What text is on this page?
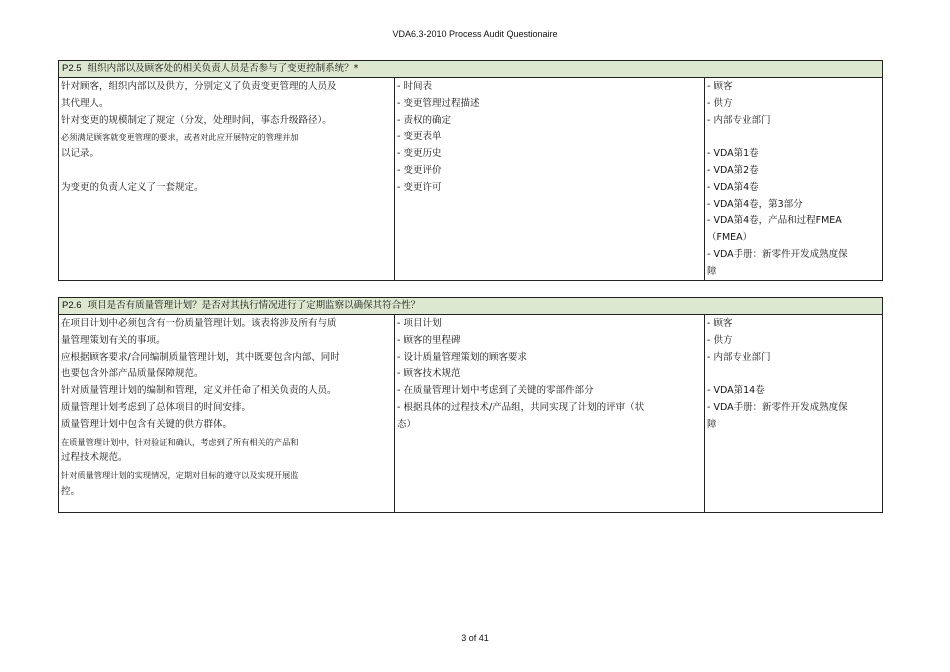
VDA6.3-2010 Process Audit Questionaire
P2.5 组织内部以及顾客处的相关负责人员是否参与了变更控制系统？*
针对顾客，组织内部以及供方，分别定义了负责变更管理的人员及
其代理人。
针对变更的规模制定了规定（分发，处理时间，事态升级路径）。
必须满足顾客就变更管理的要求，或者对此应开展特定的管理并加
以记录。
为变更的负责人定义了一套规定。
- 时间表
- 变更管理过程描述
- 责权的确定
- 变更表单
- 变更历史
- 变更评价
- 变更许可
- 顾客
- 供方
- 内部专业部门
- VDA第1卷
- VDA第2卷
- VDA第4卷
- VDA第4卷，第3部分
- VDA第4卷，产品和过程FMEA
（FMEA）
- VDA手册：新零件开发成熟度保
障
P2.6 项目是否有质量管理计划？是否对其执行情况进行了定期监察以确保其符合性？
在项目计划中必须包含有一份质量管理计划。该表将涉及所有与质
量管理策划有关的事项。
应根据顾客要求/合同编制质量管理计划，其中既要包含内部、同时
也要包含外部产品质量保障规范。
针对质量管理计划的编制和管理，定义并任命了相关负责的人员。
质量管理计划考虑到了总体项目的时间安排。
质量管理计划中包含有关键的供方群体。
在质量管理计划中，针对验证和确认，考虑到了所有相关的产品和
过程技术规范。
针对质量管理计划的实现情况，定期对目标的遵守以及实现开展监
控。
- 项目计划
- 顾客的里程碑
- 设计质量管理策划的顾客要求
- 顾客技术规范
- 在质量管理计划中考虑到了关键的零部件部分
- 根据具体的过程技术/产品组，共同实现了计划的评审（状
态）
- 顾客
- 供方
- 内部专业部门
- VDA第14卷
- VDA手册：新零件开发成熟度保
障
3 of 41
